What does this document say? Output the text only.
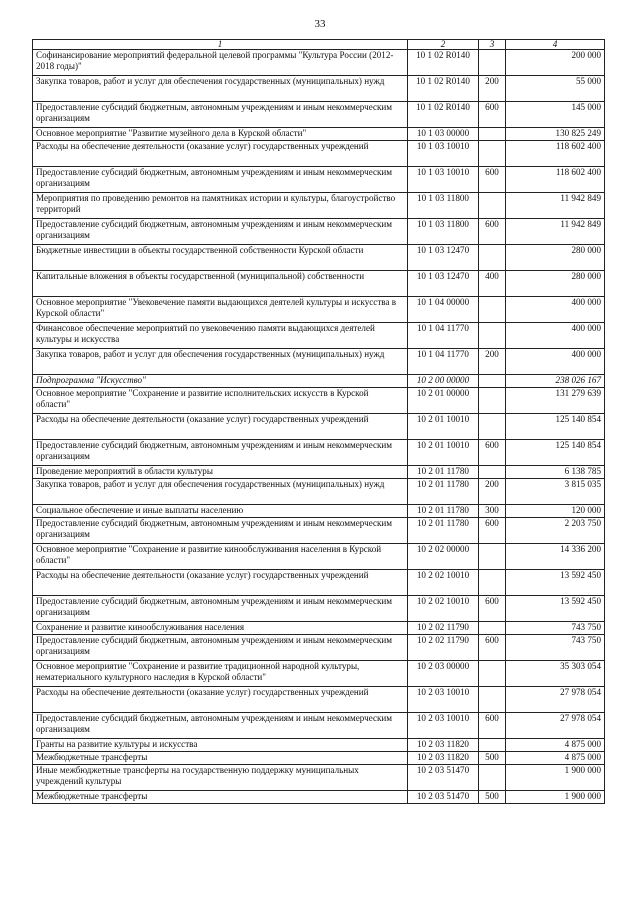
33
1	2	3	4
Софинансирование мероприятий федеральной целевой программы "Культура России (2012-2018 годы)"	10 1 02 R0140		200 000
Закупка товаров, работ и услуг для обеспечения государственных (муниципальных) нужд	10 1 02 R0140	200	55 000
Предоставление субсидий бюджетным, автономным учреждениям и иным некоммерческим организациям	10 1 02 R0140	600	145 000
Основное мероприятие "Развитие музейного дела в Курской области"	10 1 03 00000		130 825 249
Расходы на обеспечение деятельности (оказание услуг) государственных учреждений	10 1 03 10010		118 602 400
Предоставление субсидий бюджетным, автономным учреждениям и иным некоммерческим организациям	10 1 03 10010	600	118 602 400
Мероприятия по проведению ремонтов на памятниках истории и культуры, благоустройство территорий	10 1 03 11800		11 942 849
Предоставление субсидий бюджетным, автономным учреждениям и иным некоммерческим организациям	10 1 03 11800	600	11 942 849
Бюджетные инвестиции в объекты государственной собственности Курской области	10 1 03 12470		280 000
Капитальные вложения в объекты государственной (муниципальной) собственности	10 1 03 12470	400	280 000
Основное мероприятие "Увековечение памяти выдающихся деятелей культуры и искусства в Курской области"	10 1 04 00000		400 000
Финансовое обеспечение мероприятий по увековечению памяти выдающихся деятелей культуры и искусства	10 1 04 11770		400 000
Закупка товаров, работ и услуг для обеспечения государственных (муниципальных) нужд	10 1 04 11770	200	400 000
Подпрограмма "Искусство"	10 2 00 00000		238 026 167
Основное мероприятие "Сохранение и развитие исполнительских искусств в Курской области"	10 2 01 00000		131 279 639
Расходы на обеспечение деятельности (оказание услуг) государственных учреждений	10 2 01 10010		125 140 854
Предоставление субсидий бюджетным, автономным учреждениям и иным некоммерческим организациям	10 2 01 10010	600	125 140 854
Проведение мероприятий в области культуры	10 2 01 11780		6 138 785
Закупка товаров, работ и услуг для обеспечения государственных (муниципальных) нужд	10 2 01 11780	200	3 815 035
Социальное обеспечение и иные выплаты населению	10 2 01 11780	300	120 000
Предоставление субсидий бюджетным, автономным учреждениям и иным некоммерческим организациям	10 2 01 11780	600	2 203 750
Основное мероприятие "Сохранение и развитие кинообслуживания населения в Курской области"	10 2 02 00000		14 336 200
Расходы на обеспечение деятельности (оказание услуг) государственных учреждений	10 2 02 10010		13 592 450
Предоставление субсидий бюджетным, автономным учреждениям и иным некоммерческим организациям	10 2 02 10010	600	13 592 450
Сохранение и развитие кинообслуживания населения	10 2 02 11790		743 750
Предоставление субсидий бюджетным, автономным учреждениям и иным некоммерческим организациям	10 2 02 11790	600	743 750
Основное мероприятие "Сохранение и развитие традиционной народной культуры, нематериального культурного наследия в Курской области"	10 2 03 00000		35 303 054
Расходы на обеспечение деятельности (оказание услуг) государственных учреждений	10 2 03 10010		27 978 054
Предоставление субсидий бюджетным, автономным учреждениям и иным некоммерческим организациям	10 2 03 10010	600	27 978 054
Гранты на развитие культуры и искусства	10 2 03 11820		4 875 000
Межбюджетные трансферты	10 2 03 11820	500	4 875 000
Иные межбюджетные трансферты на государственную поддержку муниципальных учреждений культуры	10 2 03 51470		1 900 000
Межбюджетные трансферты	10 2 03 51470	500	1 900 000
